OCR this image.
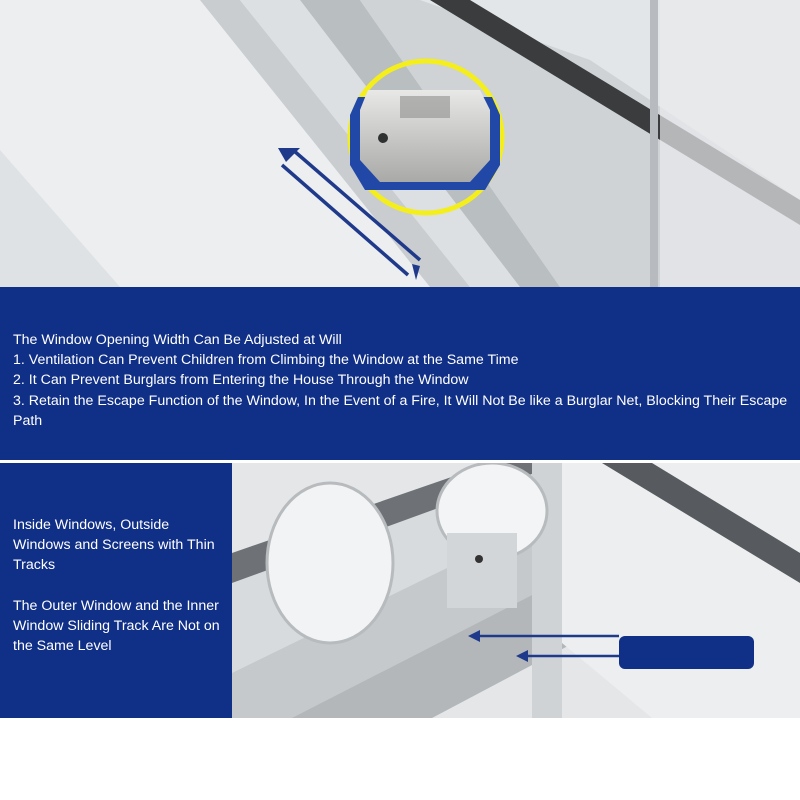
The Window Opening Width Can Be Adjusted at Will
1. Ventilation Can Prevent Children from Climbing the Window at the Same Time
2. It Can Prevent Burglars from Entering the House Through the Window
3. Retain the Escape Function of the Window, In the Event of a Fire, It Will Not Be like a Burglar Net, Blocking Their Escape Path

Inside Windows, Outside Windows and Screens with Thin Tracks

The Outer Window and the Inner Window Sliding Track Are Not on the Same Level
